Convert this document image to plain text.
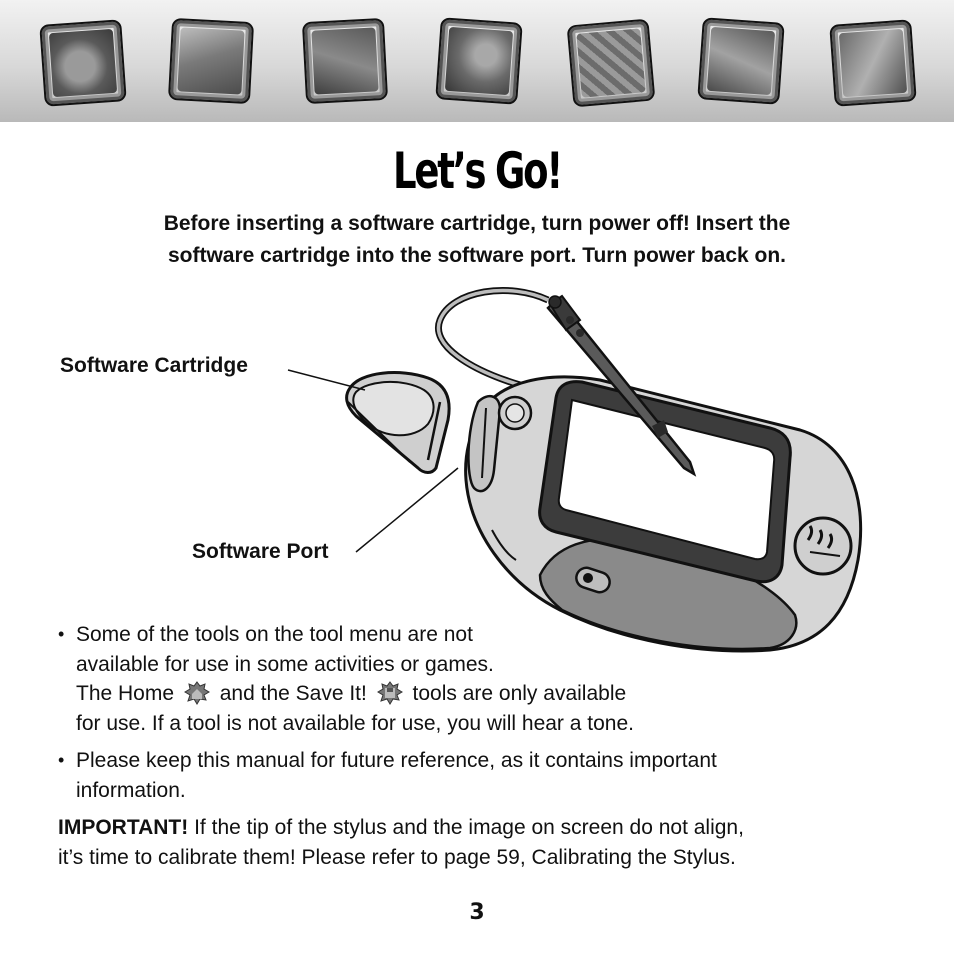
Let’s Go!

Before inserting a software cartridge, turn power off! Insert the
software cartridge into the software port. Turn power back on.

Software Cartridge
Software Port
• Some of the tools on the tool menu are not
available for use in some activities or games.
The Home and the Save It! tools are only available
for use. If a tool is not available for use, you will hear a tone.
• Please keep this manual for future reference, as it contains important
information.

IMPORTANT! If the tip of the stylus and the image on screen do not align,
it’s time to calibrate them! Please refer to page 59, Calibrating the Stylus.

3
